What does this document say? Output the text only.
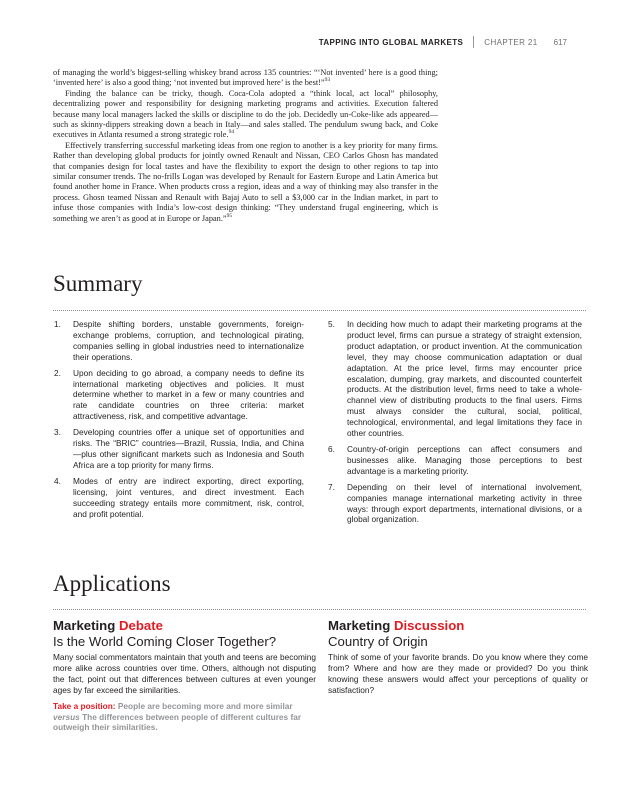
TAPPING INTO GLOBAL MARKETS	CHAPTER 21 617

of managing the world’s biggest-selling whiskey brand across 135 countries: “‘Not invented’ here is a good thing; ‘invented here’ is also a good thing; ‘not invented but improved here’ is the best!”$^{93}$

Finding the balance can be tricky, though. Coca-Cola adopted a “think local, act local” philosophy, decentralizing power and responsibility for designing marketing programs and activities. Execution faltered because many local managers lacked the skills or discipline to do the job. Decidedly un-Coke-like ads appeared—such as skinny-dippers streaking down a beach in Italy—and sales stalled. The pendulum swung back, and Coke executives in Atlanta resumed a strong strategic role.$^{94}$

Effectively transferring successful marketing ideas from one region to another is a key priority for many firms. Rather than developing global products for jointly owned Renault and Nissan, CEO Carlos Ghosn has mandated that companies design for local tastes and have the flexibility to export the design to other regions to tap into similar consumer trends. The no-frills Logan was developed by Renault for Eastern Europe and Latin America but found another home in France. When products cross a region, ideas and a way of thinking may also transfer in the process. Ghosn teamed Nissan and Renault with Bajaj Auto to sell a $3,000 car in the Indian market, in part to infuse those companies with India’s low-cost design thinking: “They understand frugal engineering, which is something we aren’t as good at in Europe or Japan.”$^{95}$

Summary
1.	Despite shifting borders, unstable governments, foreign-exchange problems, corruption, and technological pirating, companies selling in global industries need to internationalize their operations.
2.	Upon deciding to go abroad, a company needs to define its international marketing objectives and policies. It must determine whether to market in a few or many countries and rate candidate countries on three criteria: market attractiveness, risk, and competitive advantage.
3.	Developing countries offer a unique set of opportunities and risks. The “BRIC” countries—Brazil, Russia, India, and China—plus other significant markets such as Indonesia and South Africa are a top priority for many firms.
4.	Modes of entry are indirect exporting, direct exporting, licensing, joint ventures, and direct investment. Each succeeding strategy entails more commitment, risk, control, and profit potential.
5.	In deciding how much to adapt their marketing programs at the product level, firms can pursue a strategy of straight extension, product adaptation, or product invention. At the communication level, they may choose communication adaptation or dual adaptation. At the price level, firms may encounter price escalation, dumping, gray markets, and discounted counterfeit products. At the distribution level, firms need to take a whole-channel view of distributing products to the final users. Firms must always consider the cultural, social, political, technological, environmental, and legal limitations they face in other countries.
6.	Country-of-origin perceptions can affect consumers and businesses alike. Managing those perceptions to best advantage is a marketing priority.
7.	Depending on their level of international involvement, companies manage international marketing activity in three ways: through export departments, international divisions, or a global organization.
Applications
Marketing Debate
Is the World Coming Closer Together?
Many social commentators maintain that youth and teens are becoming more alike across countries over time. Others, although not disputing the fact, point out that differences between cultures at even younger ages by far exceed the similarities.
Take a position: People are becoming more and more similar versus The differences between people of different cultures far outweigh their similarities.
Marketing Discussion
Country of Origin
Think of some of your favorite brands. Do you know where they come from? Where and how are they made or provided? Do you think knowing these answers would affect your perceptions of quality or satisfaction?
